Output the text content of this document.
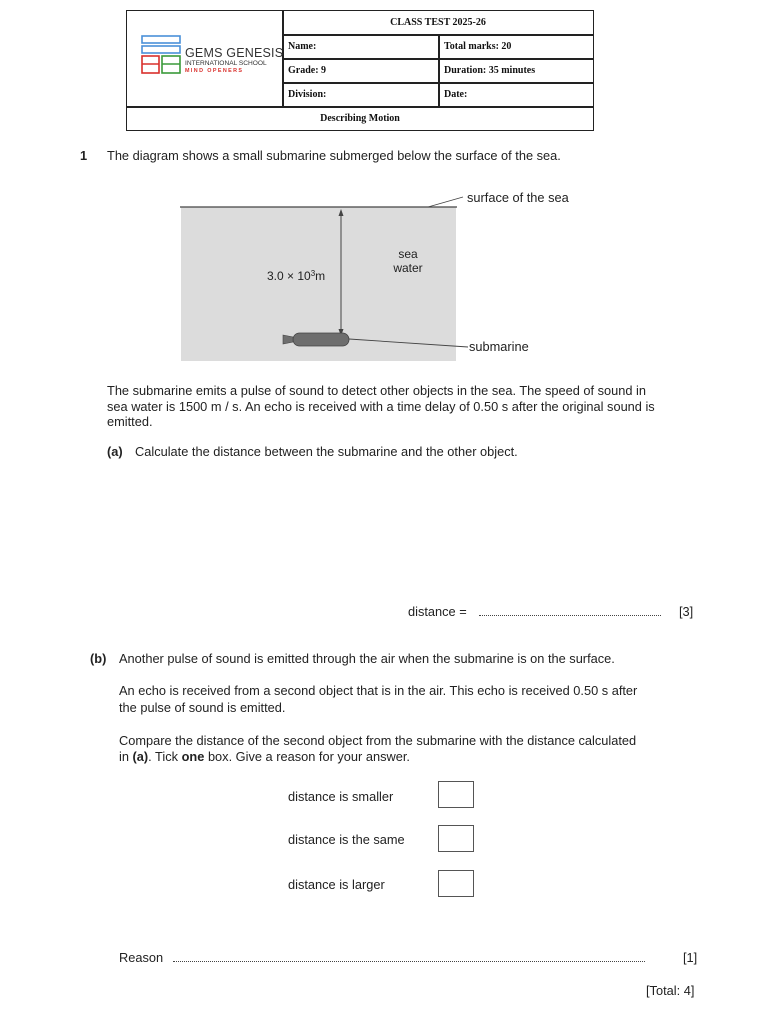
GEMS GENESIS
INTERNATIONAL SCHOOL
MIND OPENERS
CLASS TEST 2025-26
Name:	Total marks: 20
Grade: 9	Duration: 35 minutes
Division:	Date:
Describing Motion
1 The diagram shows a small submarine submerged below the surface of the sea.
surface of the sea
sea
water
$3.0 \times 10^3m$
submarine
The submarine emits a pulse of sound to detect other objects in the sea. The speed of sound in
sea water is 1500 m / s. An echo is received with a time delay of 0.50 s after the original sound is
emitted.
(a) Calculate the distance between the submarine and the other object.
distance =	[3]
(b) Another pulse of sound is emitted through the air when the submarine is on the surface.
An echo is received from a second object that is in the air. This echo is received 0.50 s after
the pulse of sound is emitted.
Compare the distance of the second object from the submarine with the distance calculated
in (a). Tick one box. Give a reason for your answer.
distance is smaller
distance is the same
distance is larger
Reason	[1]
[Total: 4]
